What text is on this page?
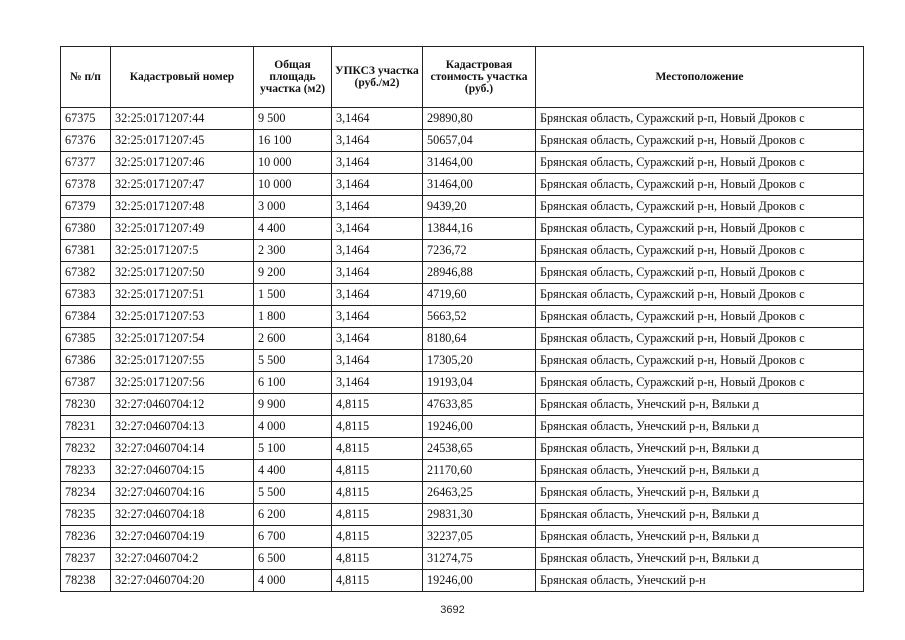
№ п/п	Кадастровый номер	Общая площадь участка (м2)	УПКСЗ участка (руб./м2)	Кадастровая стоимость участка (руб.)	Местоположение
67375	32:25:0171207:44	9 500	3,1464	29890,80	Брянская область, Суражский р-п, Новый Дроков с
67376	32:25:0171207:45	16 100	3,1464	50657,04	Брянская область, Суражский р-н, Новый Дроков с
67377	32:25:0171207:46	10 000	3,1464	31464,00	Брянская область, Суражский р-н, Новый Дроков с
67378	32:25:0171207:47	10 000	3,1464	31464,00	Брянская область, Суражский р-н, Новый Дроков с
67379	32:25:0171207:48	3 000	3,1464	9439,20	Брянская область, Суражский р-н, Новый Дроков с
67380	32:25:0171207:49	4 400	3,1464	13844,16	Брянская область, Суражский р-н, Новый Дроков с
67381	32:25:0171207:5	2 300	3,1464	7236,72	Брянская область, Суражский р-н, Новый Дроков с
67382	32:25:0171207:50	9 200	3,1464	28946,88	Брянская область, Суражский р-п, Новый Дроков с
67383	32:25:0171207:51	1 500	3,1464	4719,60	Брянская область, Суражский р-н, Новый Дроков с
67384	32:25:0171207:53	1 800	3,1464	5663,52	Брянская область, Суражский р-н, Новый Дроков с
67385	32:25:0171207:54	2 600	3,1464	8180,64	Брянская область, Суражский р-н, Новый Дроков с
67386	32:25:0171207:55	5 500	3,1464	17305,20	Брянская область, Суражский р-н, Новый Дроков с
67387	32:25:0171207:56	6 100	3,1464	19193,04	Брянская область, Суражский р-н, Новый Дроков с
78230	32:27:0460704:12	9 900	4,8115	47633,85	Брянская область, Унечский р-н, Вяльки д
78231	32:27:0460704:13	4 000	4,8115	19246,00	Брянская область, Унечский р-н, Вяльки д
78232	32:27:0460704:14	5 100	4,8115	24538,65	Брянская область, Унечский р-н, Вяльки д
78233	32:27:0460704:15	4 400	4,8115	21170,60	Брянская область, Унечский р-н, Вяльки д
78234	32:27:0460704:16	5 500	4,8115	26463,25	Брянская область, Унечский р-н, Вяльки д
78235	32:27:0460704:18	6 200	4,8115	29831,30	Брянская область, Унечский р-н, Вяльки д
78236	32:27:0460704:19	6 700	4,8115	32237,05	Брянская область, Унечский р-н, Вяльки д
78237	32:27:0460704:2	6 500	4,8115	31274,75	Брянская область, Унечский р-н, Вяльки д
78238	32:27:0460704:20	4 000	4,8115	19246,00	Брянская область, Унечский р-н
3692
